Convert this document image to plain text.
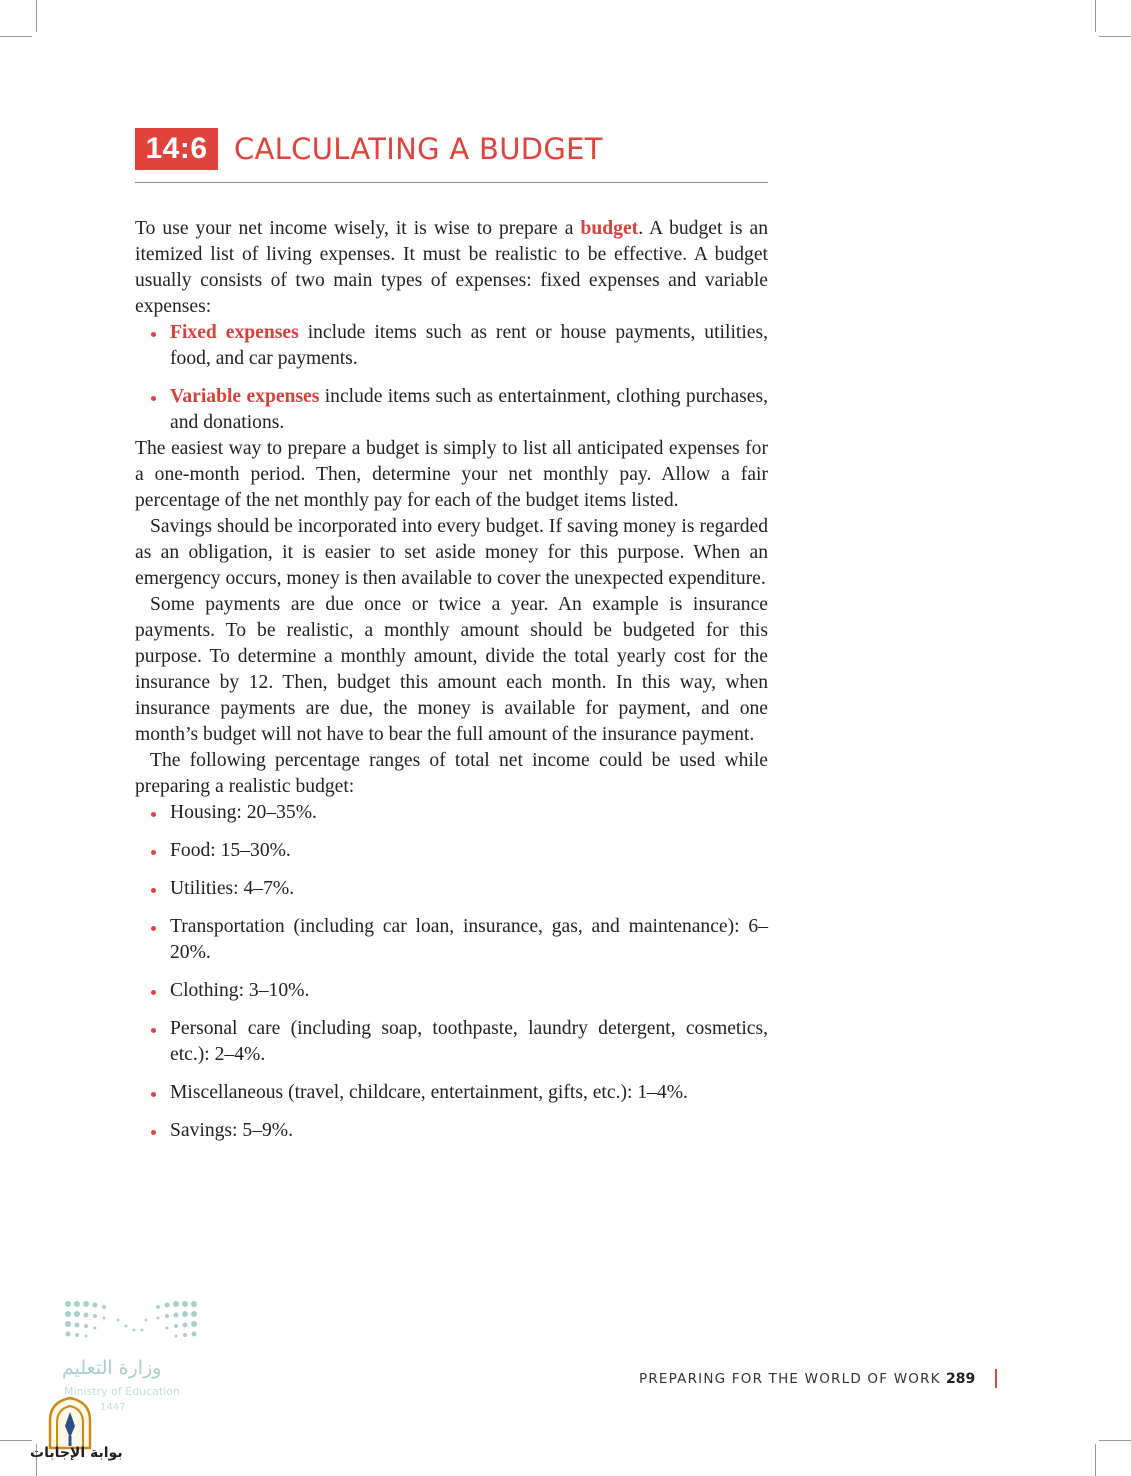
14:6 CALCULATING A BUDGET

To use your net income wisely, it is wise to prepare a budget. A budget is an itemized list of living expenses. It must be realistic to be effective. A budget usually consists of two main types of expenses: fixed expenses and variable expenses:

Fixed expenses include items such as rent or house payments, utilities, food, and car payments.
Variable expenses include items such as entertainment, clothing purchases, and donations.

The easiest way to prepare a budget is simply to list all anticipated expenses for a one-month period. Then, determine your net monthly pay. Allow a fair percentage of the net monthly pay for each of the budget items listed.

Savings should be incorporated into every budget. If saving money is regarded as an obligation, it is easier to set aside money for this purpose. When an emergency occurs, money is then available to cover the unexpected expenditure.

Some payments are due once or twice a year. An example is insurance payments. To be realistic, a monthly amount should be budgeted for this purpose. To determine a monthly amount, divide the total yearly cost for the insurance by 12. Then, budget this amount each month. In this way, when insurance payments are due, the money is available for payment, and one month’s budget will not have to bear the full amount of the insurance payment.

The following percentage ranges of total net income could be used while preparing a realistic budget:

Housing: 20–35%.
Food: 15–30%.
Utilities: 4–7%.
Transportation (including car loan, insurance, gas, and maintenance): 6–20%.
Clothing: 3–10%.
Personal care (including soap, toothpaste, laundry detergent, cosmetics, etc.): 2–4%.
Miscellaneous (travel, childcare, entertainment, gifts, etc.): 1–4%.
Savings: 5–9%.
وزارة التعليم
Ministry of Education
1447
بوابة الإجابات
PREPARING FOR THE WORLD OF WORK 289
